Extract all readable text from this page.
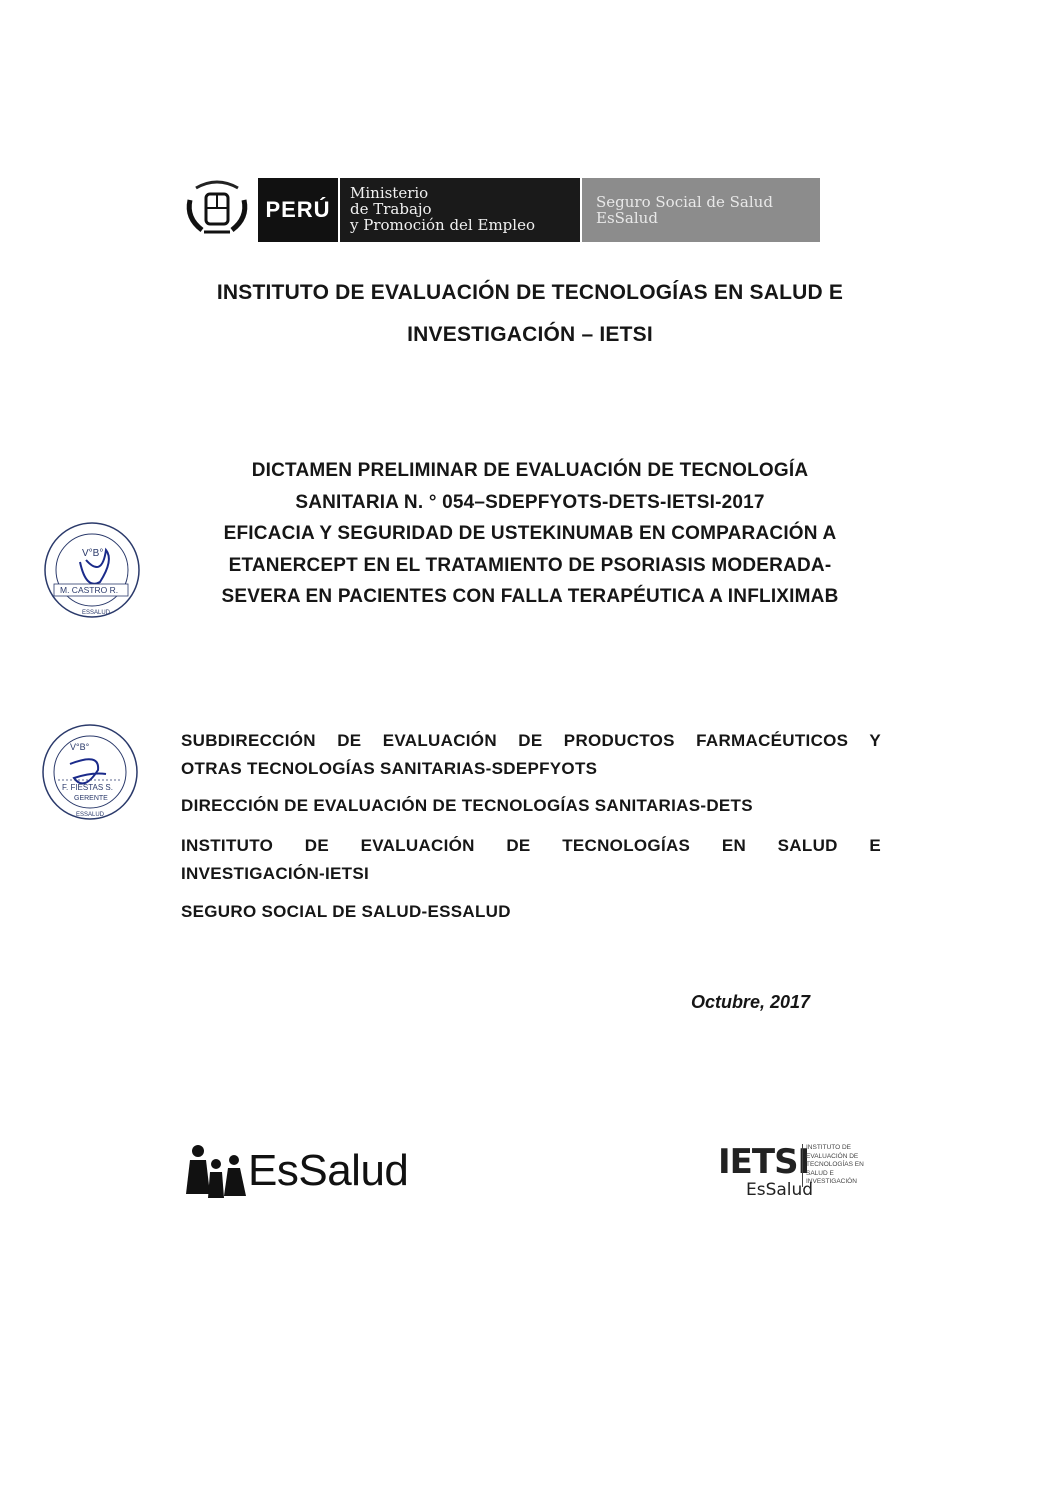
PERÚ
Ministerio
de Trabajo
y Promoción del Empleo
Seguro Social de Salud
EsSalud
INSTITUTO DE EVALUACIÓN DE TECNOLOGÍAS EN SALUD E
INVESTIGACIÓN – IETSI
DICTAMEN PRELIMINAR DE EVALUACIÓN DE TECNOLOGÍA
SANITARIA N. ° 054–SDEPFYOTS-DETS-IETSI-2017
EFICACIA Y SEGURIDAD DE USTEKINUMAB EN COMPARACIÓN A
ETANERCEPT EN EL TRATAMIENTO DE PSORIASIS MODERADA-
SEVERA EN PACIENTES CON FALLA TERAPÉUTICA A INFLIXIMAB
V°B°
M. CASTRO R.
ESSALUD
V°B°
F. FIESTAS S.
GERENTE
ESSALUD
SUBDIRECCIÓN DE EVALUACIÓN DE PRODUCTOS FARMACÉUTICOS Y
OTRAS TECNOLOGÍAS SANITARIAS-SDEPFYOTS
DIRECCIÓN DE EVALUACIÓN DE TECNOLOGÍAS SANITARIAS-DETS
INSTITUTO DE EVALUACIÓN DE TECNOLOGÍAS EN SALUD E
INVESTIGACIÓN-IETSI
SEGURO SOCIAL DE SALUD-ESSALUD
Octubre, 2017
EsSalud	IETSI
EsSalud
INSTITUTO DE EVALUACIÓN DE TECNOLOGÍAS EN SALUD E INVESTIGACIÓN
